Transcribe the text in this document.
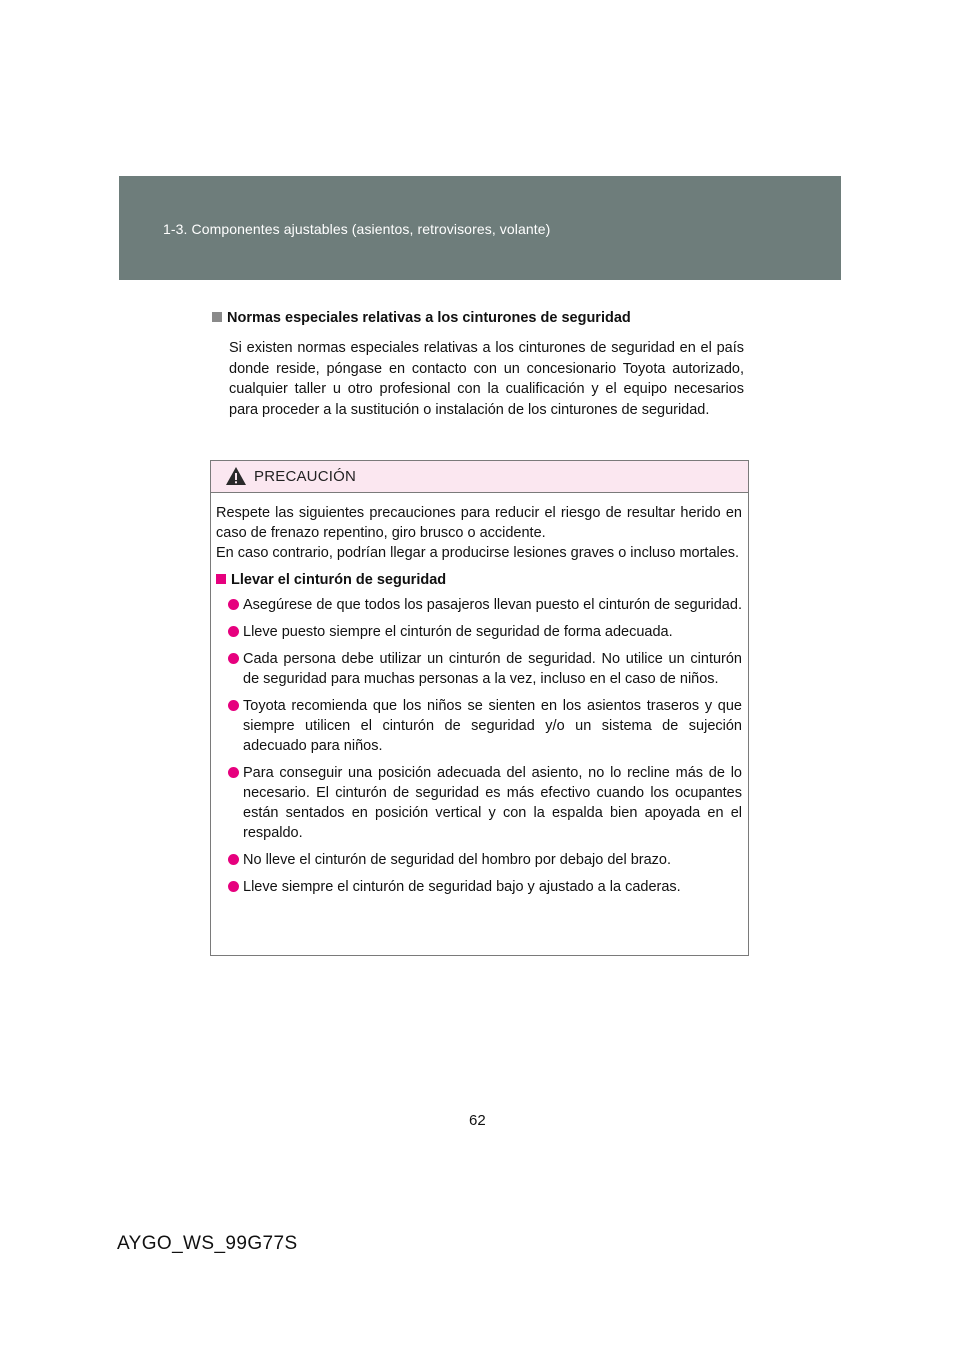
1-3. Componentes ajustables (asientos, retrovisores, volante)
Normas especiales relativas a los cinturones de seguridad

Si existen normas especiales relativas a los cinturones de seguridad en el país donde reside, póngase en contacto con un concesionario Toyota autorizado, cualquier taller u otro profesional con la cualificación y el equipo necesarios para proceder a la sustitución o instalación de los cinturones de seguridad.

PRECAUCIÓN

Respete las siguientes precauciones para reducir el riesgo de resultar herido en caso de frenazo repentino, giro brusco o accidente.
En caso contrario, podrían llegar a producirse lesiones graves o incluso mortales.

Llevar el cinturón de seguridad
Asegúrese de que todos los pasajeros llevan puesto el cinturón de seguridad.
Lleve puesto siempre el cinturón de seguridad de forma adecuada.
Cada persona debe utilizar un cinturón de seguridad. No utilice un cinturón de seguridad para muchas personas a la vez, incluso en el caso de niños.
Toyota recomienda que los niños se sienten en los asientos traseros y que siempre utilicen el cinturón de seguridad y/o un sistema de sujeción adecuado para niños.
Para conseguir una posición adecuada del asiento, no lo recline más de lo necesario. El cinturón de seguridad es más efectivo cuando los ocupantes están sentados en posición vertical y con la espalda bien apoyada en el respaldo.
No lleve el cinturón de seguridad del hombro por debajo del brazo.
Lleve siempre el cinturón de seguridad bajo y ajustado a la caderas.
62
AYGO_WS_99G77S
